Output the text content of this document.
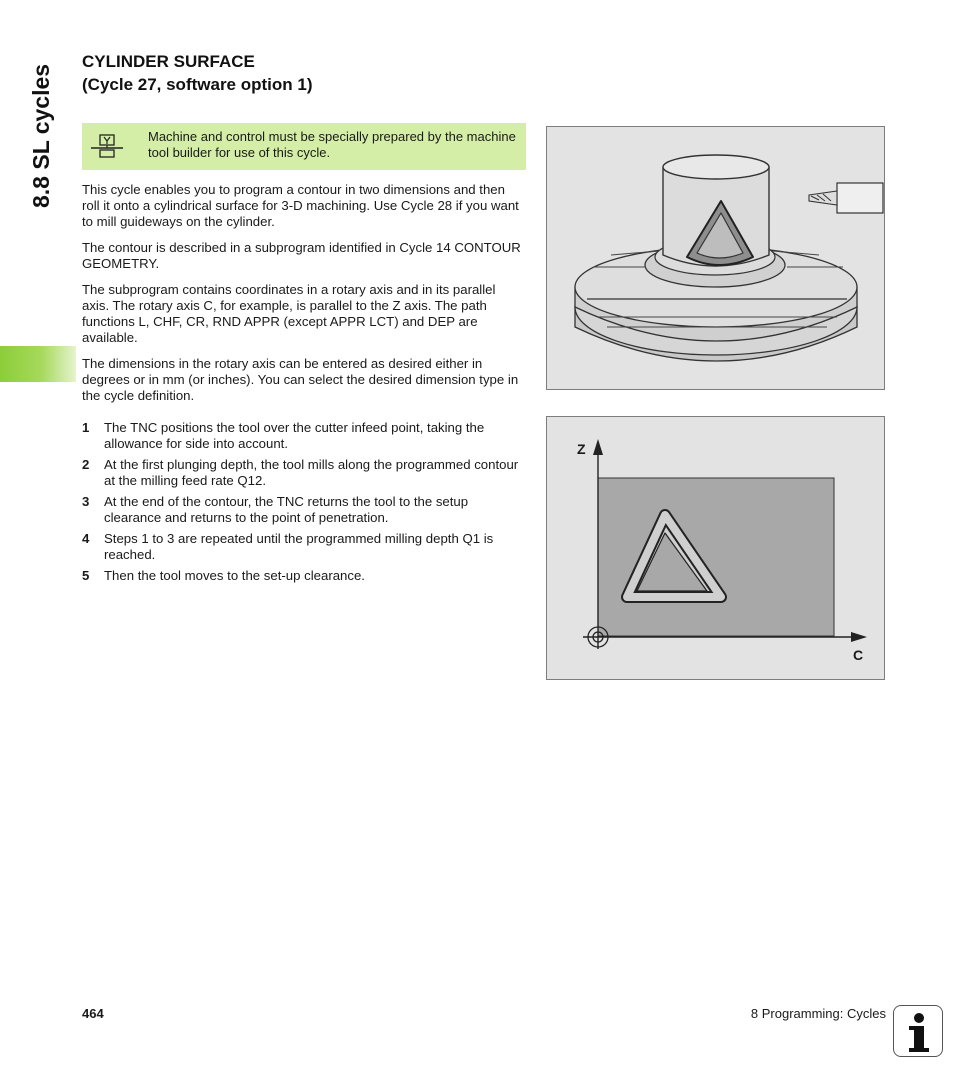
8.8 SL cycles
CYLINDER SURFACE
(Cycle 27, software option 1)
Machine and control must be specially prepared by the machine tool builder for use of this cycle.

This cycle enables you to program a contour in two dimensions and then roll it onto a cylindrical surface for 3-D machining. Use Cycle 28 if you want to mill guideways on the cylinder.

The contour is described in a subprogram identified in Cycle 14 CONTOUR GEOMETRY.

The subprogram contains coordinates in a rotary axis and in its parallel axis. The rotary axis C, for example, is parallel to the Z axis. The path functions L, CHF, CR, RND APPR (except APPR LCT) and DEP are available.

The dimensions in the rotary axis can be entered as desired either in degrees or in mm (or inches). You can select the desired dimension type in the cycle definition.

1 The TNC positions the tool over the cutter infeed point, taking the allowance for side into account.
2 At the first plunging depth, the tool mills along the programmed contour at the milling feed rate Q12.
3 At the end of the contour, the TNC returns the tool to the setup clearance and returns to the point of penetration.
4 Steps 1 to 3 are repeated until the programmed milling depth Q1 is reached.
5 Then the tool moves to the set-up clearance.
Z
C
464	8 Programming: Cycles
